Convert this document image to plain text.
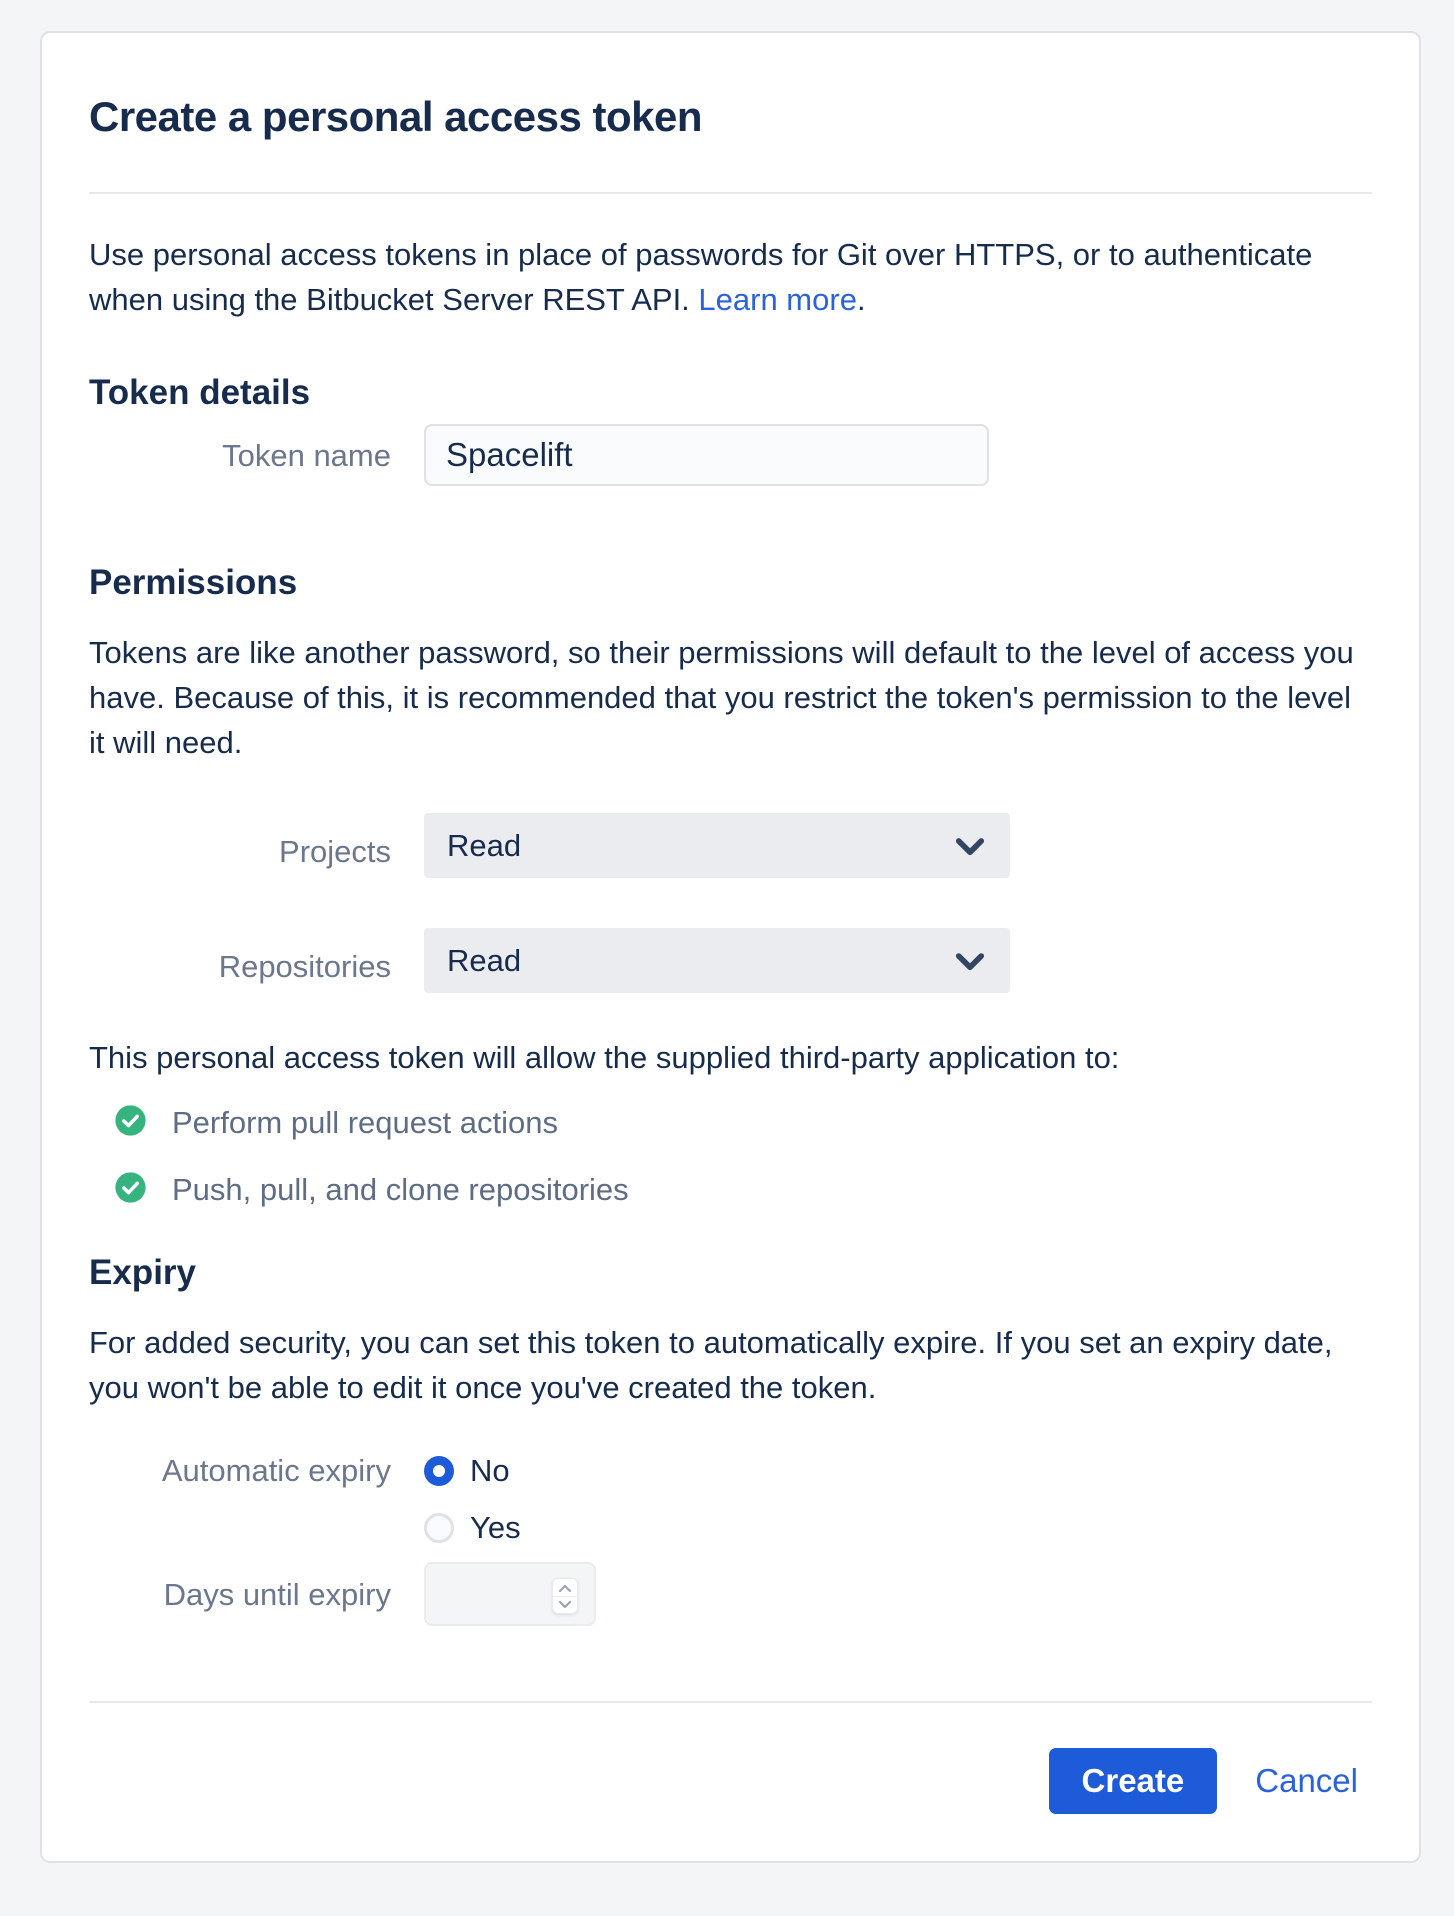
Create a personal access token

Use personal access tokens in place of passwords for Git over HTTPS, or to authenticate when using the Bitbucket Server REST API. Learn more.

Token details
Token name
Spacelift
Permissions

Tokens are like another password, so their permissions will default to the level of access you have. Because of this, it is recommended that you restrict the token's permission to the level it will need.

Projects Read
Repositories Read

This personal access token will allow the supplied third-party application to:

Perform pull request actions
Push, pull, and clone repositories
Expiry

For added security, you can set this token to automatically expire. If you set an expiry date, you won't be able to edit it once you've created the token.

Automatic expiry	No
Yes
Days until expiry
Create	Cancel
